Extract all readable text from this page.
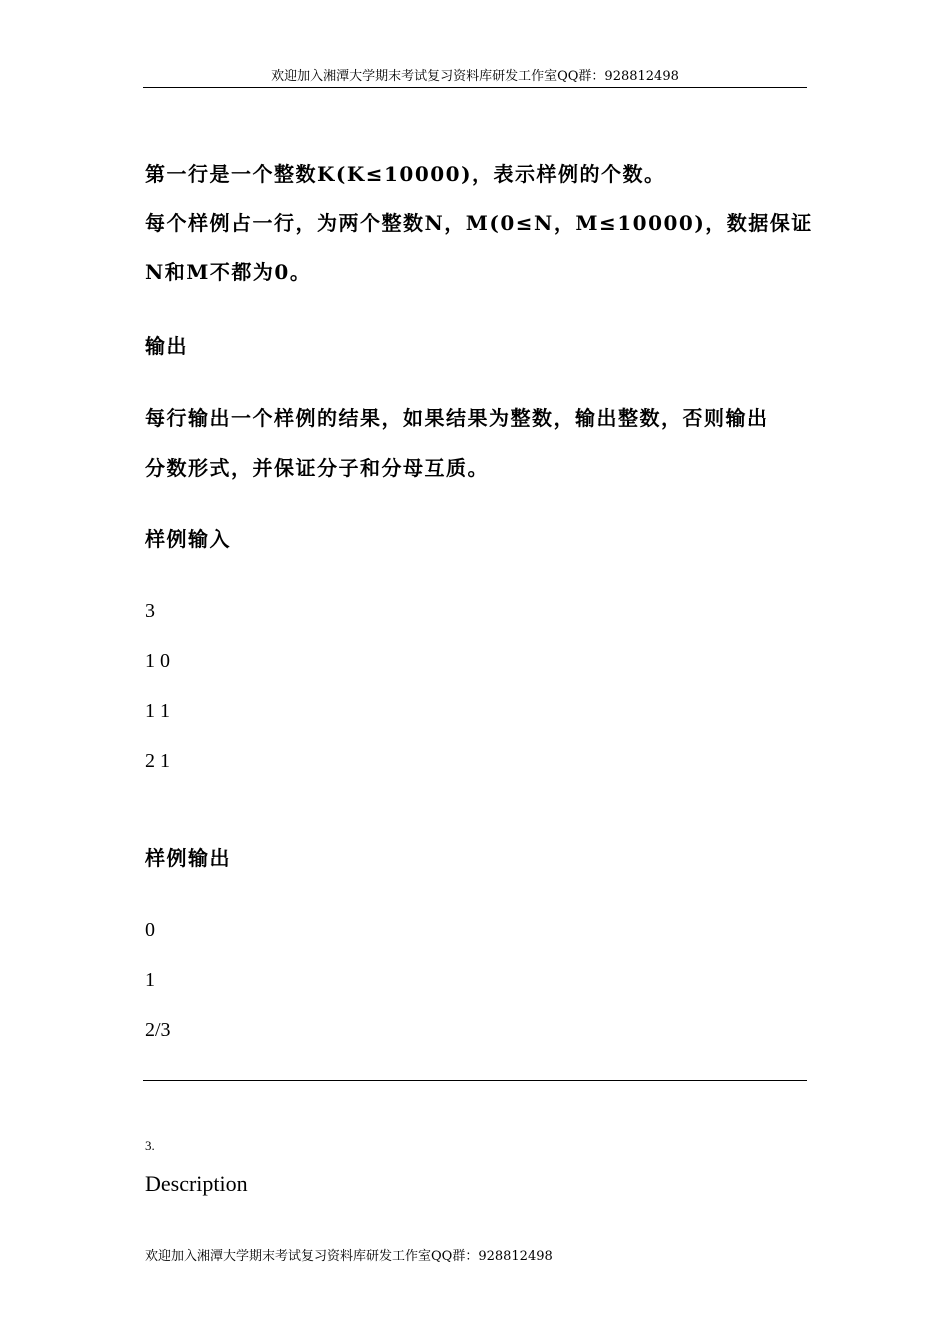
欢迎加入湘潭大学期末考试复习资料库研发工作室QQ群：928812498
第一行是一个整数K(K≤10000)，表示样例的个数。
每个样例占一行，为两个整数N，M(0≤N，M≤10000)，数据保证
N和M不都为0。
输出
每行输出一个样例的结果，如果结果为整数，输出整数，否则输出
分数形式，并保证分子和分母互质。
样例输入
3
1 0
1 1
2 1
样例输出
0
1
2/3
3.
Description
欢迎加入湘潭大学期末考试复习资料库研发工作室QQ群：928812498
